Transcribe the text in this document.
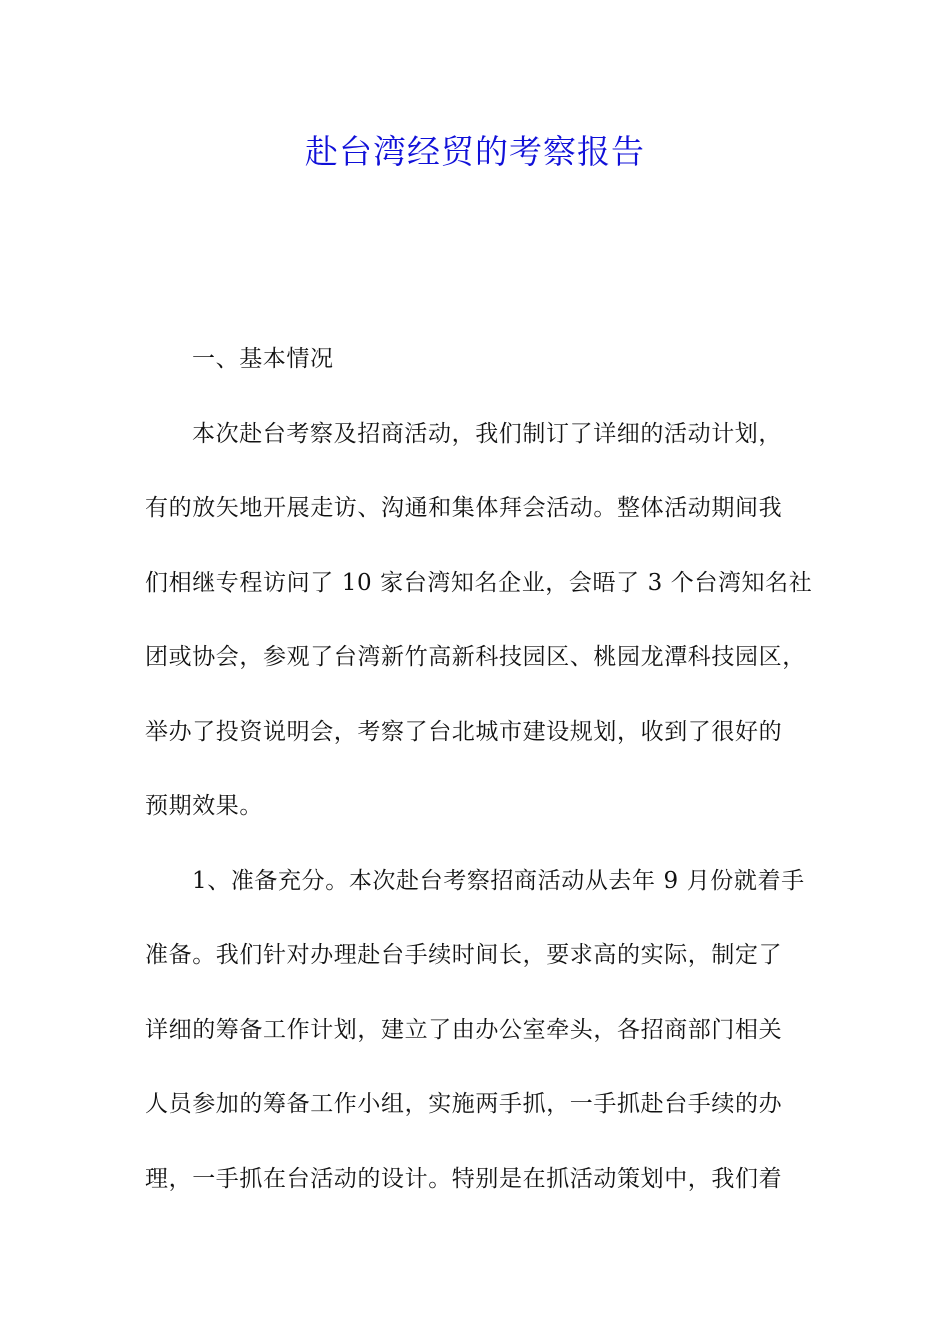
赴台湾经贸的考察报告
一、基本情况
本次赴台考察及招商活动，我们制订了详细的活动计划，
有的放矢地开展走访、沟通和集体拜会活动。整体活动期间我
们相继专程访问了 10 家台湾知名企业，会晤了 3 个台湾知名社
团或协会，参观了台湾新竹高新科技园区、桃园龙潭科技园区，
举办了投资说明会，考察了台北城市建设规划，收到了很好的
预期效果。
1、准备充分。本次赴台考察招商活动从去年 9 月份就着手
准备。我们针对办理赴台手续时间长，要求高的实际，制定了
详细的筹备工作计划，建立了由办公室牵头，各招商部门相关
人员参加的筹备工作小组，实施两手抓，一手抓赴台手续的办
理，一手抓在台活动的设计。特别是在抓活动策划中，我们着
